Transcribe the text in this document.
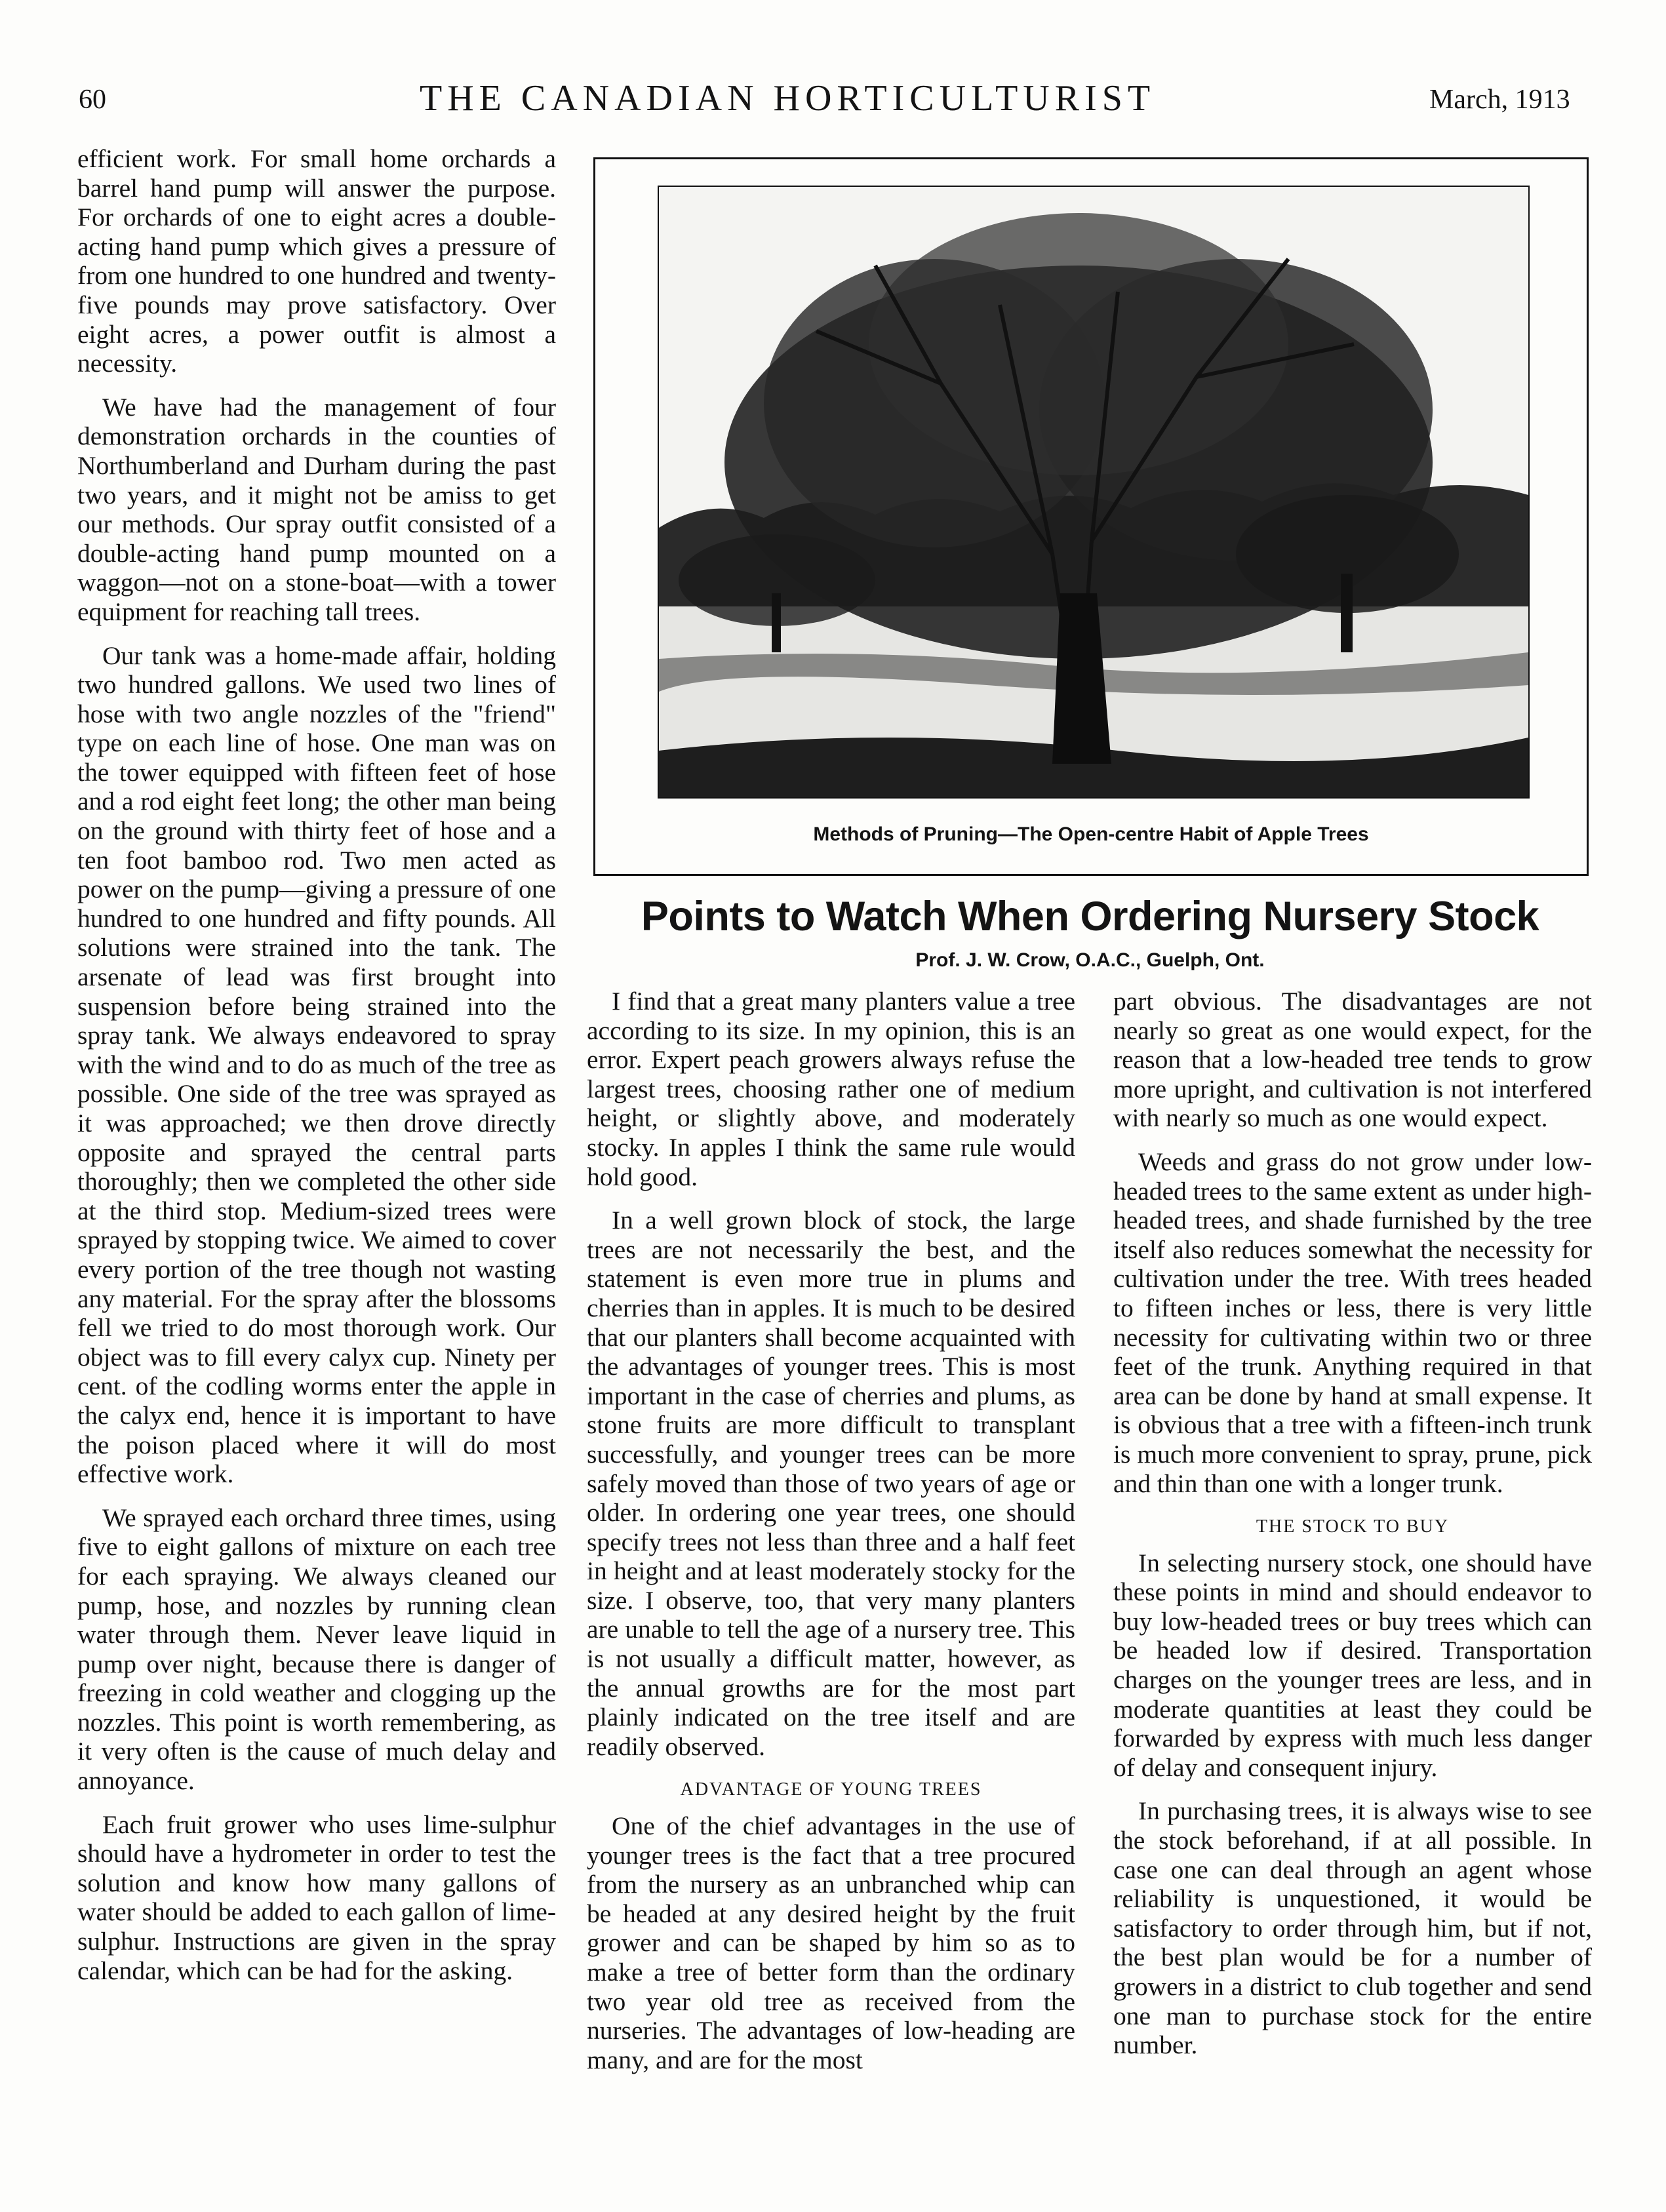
60	THE CANADIAN HORTICULTURIST	March, 1913

efficient work. For small home orchards a barrel hand pump will answer the purpose. For orchards of one to eight acres a double-acting hand pump which gives a pressure of from one hundred to one hundred and twenty-five pounds may prove satisfactory. Over eight acres, a power outfit is almost a necessity.

We have had the management of four demonstration orchards in the counties of Northumberland and Durham during the past two years, and it might not be amiss to get our methods. Our spray outfit consisted of a double-acting hand pump mounted on a waggon—not on a stone-boat—with a tower equipment for reaching tall trees.

Our tank was a home-made affair, holding two hundred gallons. We used two lines of hose with two angle nozzles of the "friend" type on each line of hose. One man was on the tower equipped with fifteen feet of hose and a rod eight feet long; the other man being on the ground with thirty feet of hose and a ten foot bamboo rod. Two men acted as power on the pump—giving a pressure of one hundred to one hundred and fifty pounds. All solutions were strained into the tank. The arsenate of lead was first brought into suspension before being strained into the spray tank. We always endeavored to spray with the wind and to do as much of the tree as possible. One side of the tree was sprayed as it was approached; we then drove directly opposite and sprayed the central parts thoroughly; then we completed the other side at the third stop. Medium-sized trees were sprayed by stopping twice. We aimed to cover every portion of the tree though not wasting any material. For the spray after the blossoms fell we tried to do most thorough work. Our object was to fill every calyx cup. Ninety per cent. of the codling worms enter the apple in the calyx end, hence it is important to have the poison placed where it will do most effective work.

We sprayed each orchard three times, using five to eight gallons of mixture on each tree for each spraying. We always cleaned our pump, hose, and nozzles by running clean water through them. Never leave liquid in pump over night, because there is danger of freezing in cold weather and clogging up the nozzles. This point is worth remembering, as it very often is the cause of much delay and annoyance.

Each fruit grower who uses lime-sulphur should have a hydrometer in order to test the solution and know how many gallons of water should be added to each gallon of lime-sulphur. Instructions are given in the spray calendar, which can be had for the asking.

Methods of Pruning—The Open-centre Habit of Apple Trees
Points to Watch When Ordering Nursery Stock
Prof. J. W. Crow, O.A.C., Guelph, Ont.

I find that a great many planters value a tree according to its size. In my opinion, this is an error. Expert peach growers always refuse the largest trees, choosing rather one of medium height, or slightly above, and moderately stocky. In apples I think the same rule would hold good.

In a well grown block of stock, the large trees are not necessarily the best, and the statement is even more true in plums and cherries than in apples. It is much to be desired that our planters shall become acquainted with the advantages of younger trees. This is most important in the case of cherries and plums, as stone fruits are more difficult to transplant successfully, and younger trees can be more safely moved than those of two years of age or older. In ordering one year trees, one should specify trees not less than three and a half feet in height and at least moderately stocky for the size. I observe, too, that very many planters are unable to tell the age of a nursery tree. This is not usually a difficult matter, however, as the annual growths are for the most part plainly indicated on the tree itself and are readily observed.

ADVANTAGE OF YOUNG TREES

One of the chief advantages in the use of younger trees is the fact that a tree procured from the nursery as an unbranched whip can be headed at any desired height by the fruit grower and can be shaped by him so as to make a tree of better form than the ordinary two year old tree as received from the nurseries. The advantages of low-heading are many, and are for the most

part obvious. The disadvantages are not nearly so great as one would expect, for the reason that a low-headed tree tends to grow more upright, and cultivation is not interfered with nearly so much as one would expect.

Weeds and grass do not grow under low-headed trees to the same extent as under high-headed trees, and shade furnished by the tree itself also reduces somewhat the necessity for cultivation under the tree. With trees headed to fifteen inches or less, there is very little necessity for cultivating within two or three feet of the trunk. Anything required in that area can be done by hand at small expense. It is obvious that a tree with a fifteen-inch trunk is much more convenient to spray, prune, pick and thin than one with a longer trunk.

THE STOCK TO BUY

In selecting nursery stock, one should have these points in mind and should endeavor to buy low-headed trees or buy trees which can be headed low if desired. Transportation charges on the younger trees are less, and in moderate quantities at least they could be forwarded by express with much less danger of delay and consequent injury.

In purchasing trees, it is always wise to see the stock beforehand, if at all possible. In case one can deal through an agent whose reliability is unquestioned, it would be satisfactory to order through him, but if not, the best plan would be for a number of growers in a district to club together and send one man to purchase stock for the entire number.
